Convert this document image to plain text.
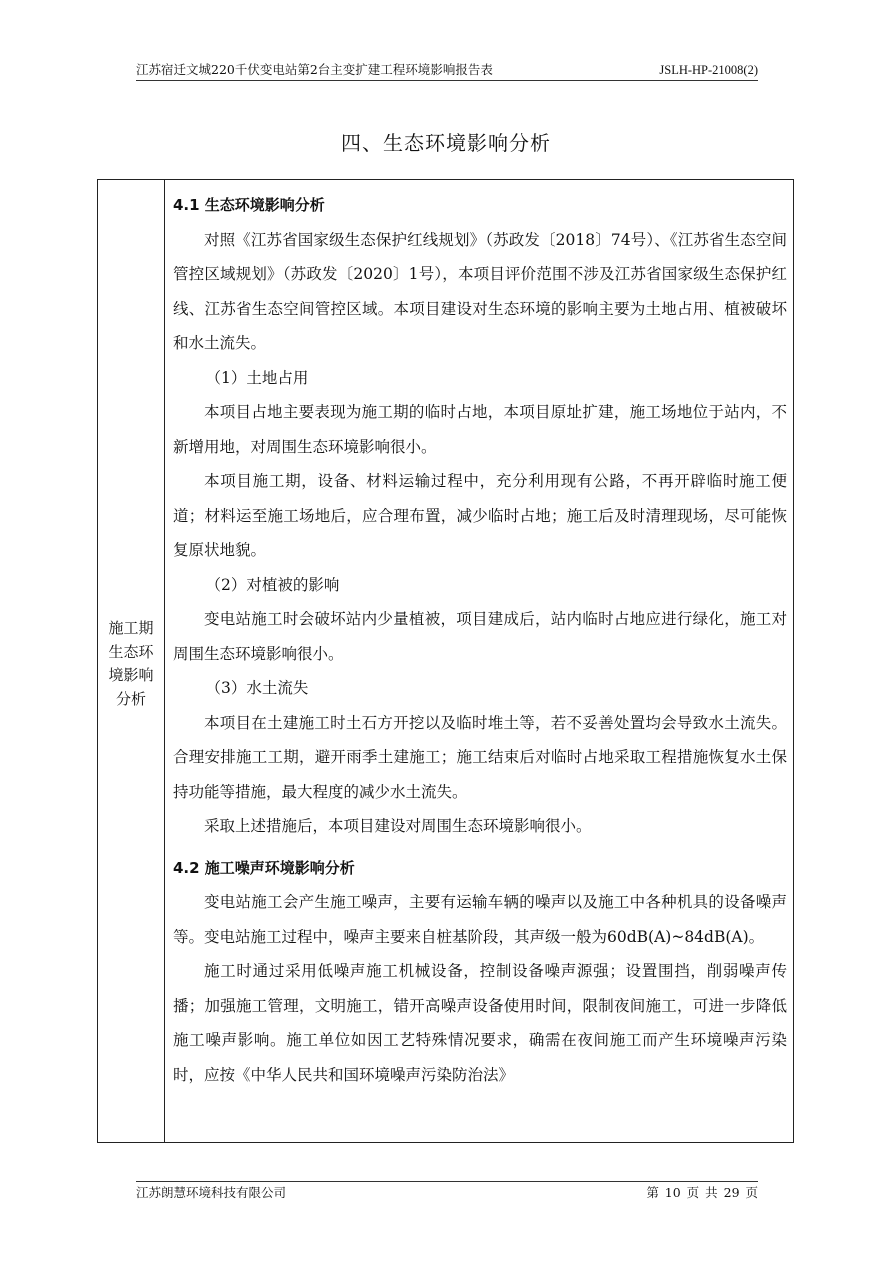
江苏宿迁文城220千伏变电站第2台主变扩建工程环境影响报告表	JSLH-HP-21008(2)
四、生态环境影响分析
施工期
生态环
境影响
分析
4.1 生态环境影响分析

对照《江苏省国家级生态保护红线规划》（苏政发〔2018〕74号）、《江苏省生态空间管控区域规划》（苏政发〔2020〕1号），本项目评价范围不涉及江苏省国家级生态保护红线、江苏省生态空间管控区域。本项目建设对生态环境的影响主要为土地占用、植被破坏和水土流失。

（1）土地占用

本项目占地主要表现为施工期的临时占地，本项目原址扩建，施工场地位于站内，不新增用地，对周围生态环境影响很小。

本项目施工期，设备、材料运输过程中，充分利用现有公路，不再开辟临时施工便道；材料运至施工场地后，应合理布置，减少临时占地；施工后及时清理现场，尽可能恢复原状地貌。

（2）对植被的影响

变电站施工时会破坏站内少量植被，项目建成后，站内临时占地应进行绿化，施工对周围生态环境影响很小。

（3）水土流失

本项目在土建施工时土石方开挖以及临时堆土等，若不妥善处置均会导致水土流失。合理安排施工工期，避开雨季土建施工；施工结束后对临时占地采取工程措施恢复水土保持功能等措施，最大程度的减少水土流失。

采取上述措施后，本项目建设对周围生态环境影响很小。

4.2 施工噪声环境影响分析

变电站施工会产生施工噪声，主要有运输车辆的噪声以及施工中各种机具的设备噪声等。变电站施工过程中，噪声主要来自桩基阶段，其声级一般为60dB(A)~84dB(A)。

施工时通过采用低噪声施工机械设备，控制设备噪声源强；设置围挡，削弱噪声传播；加强施工管理，文明施工，错开高噪声设备使用时间，限制夜间施工，可进一步降低施工噪声影响。施工单位如因工艺特殊情况要求，确需在夜间施工而产生环境噪声污染时，应按《中华人民共和国环境噪声污染防治法》

江苏朗慧环境科技有限公司	第 10 页 共 29 页
